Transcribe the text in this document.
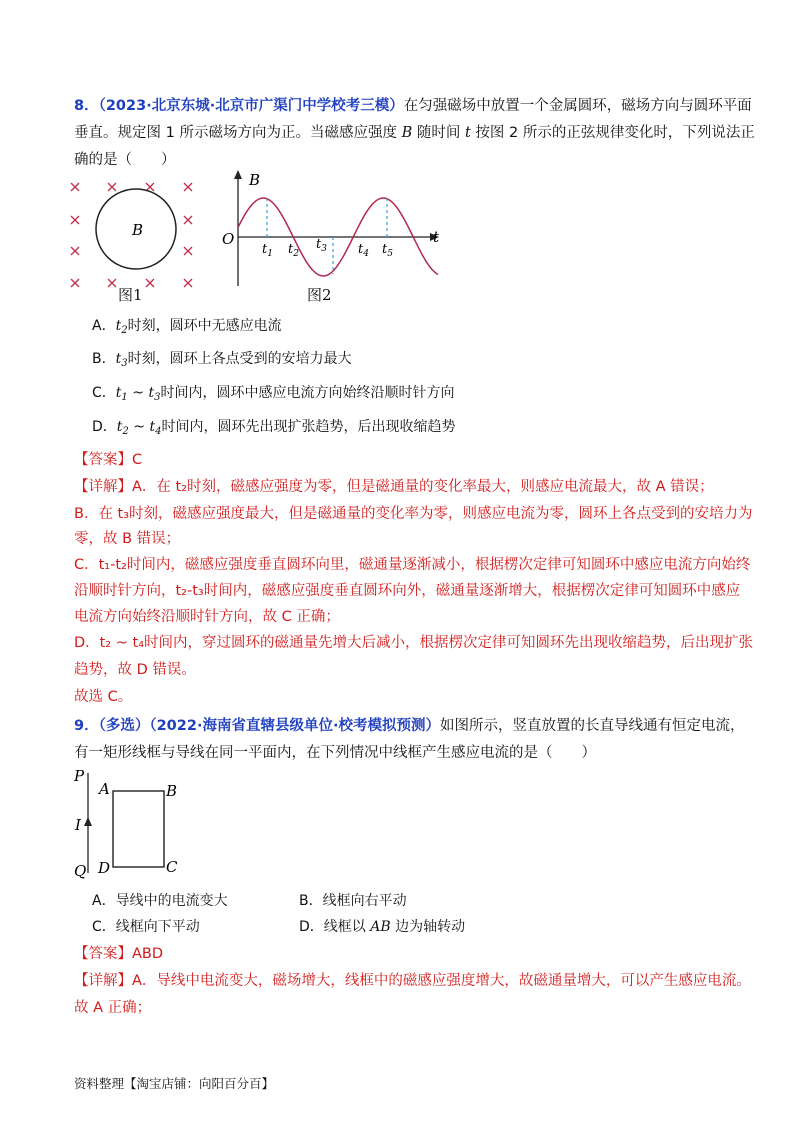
8．（2023·北京东城·北京市广渠门中学校考三模）在匀强磁场中放置一个金属圆环，磁场方向与圆环平面
垂直。规定图 1 所示磁场方向为正。当磁感应强度 B 随时间 t 按图 2 所示的正弦规律变化时，下列说法正
确的是（　　）
B
图1
B
t
O
$t_1$ $t_2$
$t_3$ $t_4$ $t_5$
图2
A．$t_2$时刻，圆环中无感应电流
B．$t_3$时刻，圆环上各点受到的安培力最大
C．$t_1$ ~ $t_3$时间内，圆环中感应电流方向始终沿顺时针方向
D．$t_2$ ~ $t_4$时间内，圆环先出现扩张趋势，后出现收缩趋势
【答案】C
【详解】A．在 t₂时刻，磁感应强度为零，但是磁通量的变化率最大，则感应电流最大，故 A 错误；
B．在 t₃时刻，磁感应强度最大，但是磁通量的变化率为零，则感应电流为零，圆环上各点受到的安培力为
零，故 B 错误；
C．t₁-t₂时间内，磁感应强度垂直圆环向里，磁通量逐渐减小，根据楞次定律可知圆环中感应电流方向始终
沿顺时针方向，t₂-t₃时间内，磁感应强度垂直圆环向外，磁通量逐渐增大，根据楞次定律可知圆环中感应
电流方向始终沿顺时针方向，故 C 正确；
D．t₂ ~ t₄时间内，穿过圆环的磁通量先增大后减小，根据楞次定律可知圆环先出现收缩趋势，后出现扩张
趋势，故 D 错误。
故选 C。
9．（多选）（2022·海南省直辖县级单位·校考模拟预测）如图所示，竖直放置的长直导线通有恒定电流，
有一矩形线框与导线在同一平面内，在下列情况中线框产生感应电流的是（　　）
P
Q
I
A	B
C
D
A．导线中的电流变大	B．线框向右平动
C．线框向下平动	D．线框以 AB 边为轴转动
【答案】ABD
【详解】A．导线中电流变大，磁场增大，线框中的磁感应强度增大，故磁通量增大，可以产生感应电流。
故 A 正确；
资料整理【淘宝店铺：向阳百分百】
